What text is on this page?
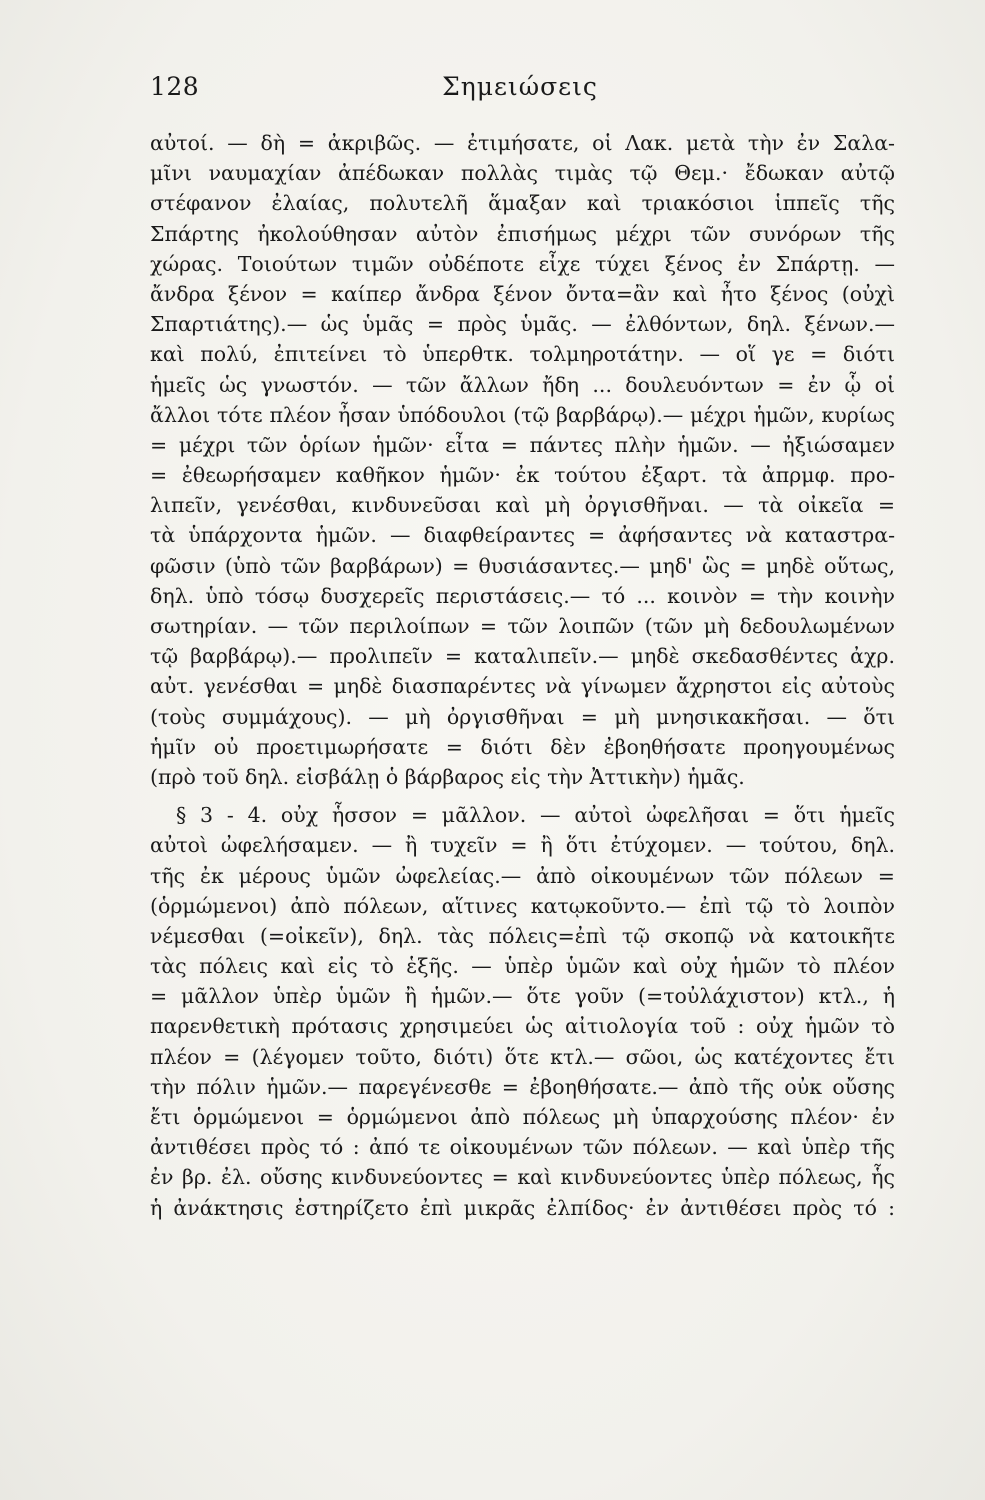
128	Σημειώσεις
αὐτοί. — δὴ = ἀκριβῶς. — ἐτιμήσατε, οἱ Λακ. μετὰ τὴν ἐν Σαλα-
μῖνι ναυμαχίαν ἀπέδωκαν πολλὰς τιμὰς τῷ Θεμ.· ἔδωκαν αὐτῷ
στέφανον ἐλαίας, πολυτελῆ ἅμαξαν καὶ τριακόσιοι ἱππεῖς τῆς
Σπάρτης ἠκολούθησαν αὐτὸν ἐπισήμως μέχρι τῶν συνόρων τῆς
χώρας. Τοιούτων τιμῶν οὐδέποτε εἶχε τύχει ξένος ἐν Σπάρτῃ. —
ἄνδρα ξένον = καίπερ ἄνδρα ξένον ὄντα=ἂν καὶ ἦτο ξένος (οὐχὶ
Σπαρτιάτης).— ὡς ὑμᾶς = πρὸς ὑμᾶς. — ἐλθόντων, δηλ. ξένων.—
καὶ πολύ, ἐπιτείνει τὸ ὑπερθτκ. τολμηροτάτην. — οἵ γε = διότι
ἡμεῖς ὡς γνωστόν. — τῶν ἄλλων ἤδη ... δουλευόντων = ἐν ᾧ οἱ
ἄλλοι τότε πλέον ἦσαν ὑπόδουλοι (τῷ βαρβάρῳ).— μέχρι ἡμῶν, κυρίως
= μέχρι τῶν ὁρίων ἡμῶν· εἶτα = πάντες πλὴν ἡμῶν. — ἠξιώσαμεν
= ἐθεωρήσαμεν καθῆκον ἡμῶν· ἐκ τούτου ἐξαρτ. τὰ ἀπρμφ. προ-
λιπεῖν, γενέσθαι, κινδυνεῦσαι καὶ μὴ ὀργισθῆναι. — τὰ οἰκεῖα =
τὰ ὑπάρχοντα ἡμῶν. — διαφθείραντες = ἀφήσαντες νὰ καταστρα-
φῶσιν (ὑπὸ τῶν βαρβάρων) = θυσιάσαντες.— μηδ' ὣς = μηδὲ οὕτως,
δηλ. ὑπὸ τόσῳ δυσχερεῖς περιστάσεις.— τό ... κοινὸν = τὴν κοινὴν
σωτηρίαν. — τῶν περιλοίπων = τῶν λοιπῶν (τῶν μὴ δεδουλωμένων
τῷ βαρβάρῳ).— προλιπεῖν = καταλιπεῖν.— μηδὲ σκεδασθέντες ἀχρ.
αὐτ. γενέσθαι = μηδὲ διασπαρέντες νὰ γίνωμεν ἄχρηστοι εἰς αὐτοὺς
(τοὺς συμμάχους). — μὴ ὀργισθῆναι = μὴ μνησικακῆσαι. — ὅτι
ἡμῖν οὐ προετιμωρήσατε = διότι δὲν ἐβοηθήσατε προηγουμένως
(πρὸ τοῦ δηλ. εἰσβάλῃ ὁ βάρβαρος εἰς τὴν Ἀττικὴν) ἡμᾶς.
§ 3 - 4. οὐχ ἧσσον = μᾶλλον. — αὐτοὶ ὠφελῆσαι = ὅτι ἡμεῖς
αὐτοὶ ὠφελήσαμεν. — ἢ τυχεῖν = ἢ ὅτι ἐτύχομεν. — τούτου, δηλ.
τῆς ἐκ μέρους ὑμῶν ὠφελείας.— ἀπὸ οἰκουμένων τῶν πόλεων =
(ὁρμώμενοι) ἀπὸ πόλεων, αἵτινες κατῳκοῦντο.— ἐπὶ τῷ τὸ λοιπὸν
νέμεσθαι (=οἰκεῖν), δηλ. τὰς πόλεις=ἐπὶ τῷ σκοπῷ νὰ κατοικῆτε
τὰς πόλεις καὶ εἰς τὸ ἑξῆς. — ὑπὲρ ὑμῶν καὶ οὐχ ἡμῶν τὸ πλέον
= μᾶλλον ὑπὲρ ὑμῶν ἢ ἡμῶν.— ὅτε γοῦν (=τοὐλάχιστον) κτλ., ἡ
παρενθετικὴ πρότασις χρησιμεύει ὡς αἰτιολογία τοῦ : οὐχ ἡμῶν τὸ
πλέον = (λέγομεν τοῦτο, διότι) ὅτε κτλ.— σῶοι, ὡς κατέχοντες ἔτι
τὴν πόλιν ἡμῶν.— παρεγένεσθε = ἐβοηθήσατε.— ἀπὸ τῆς οὐκ οὔσης
ἔτι ὁρμώμενοι = ὁρμώμενοι ἀπὸ πόλεως μὴ ὑπαρχούσης πλέον· ἐν
ἀντιθέσει πρὸς τό : ἀπό τε οἰκουμένων τῶν πόλεων. — καὶ ὑπὲρ τῆς
ἐν βρ. ἐλ. οὔσης κινδυνεύοντες = καὶ κινδυνεύοντες ὑπὲρ πόλεως, ἧς
ἡ ἀνάκτησις ἐστηρίζετο ἐπὶ μικρᾶς ἐλπίδος· ἐν ἀντιθέσει πρὸς τό :
